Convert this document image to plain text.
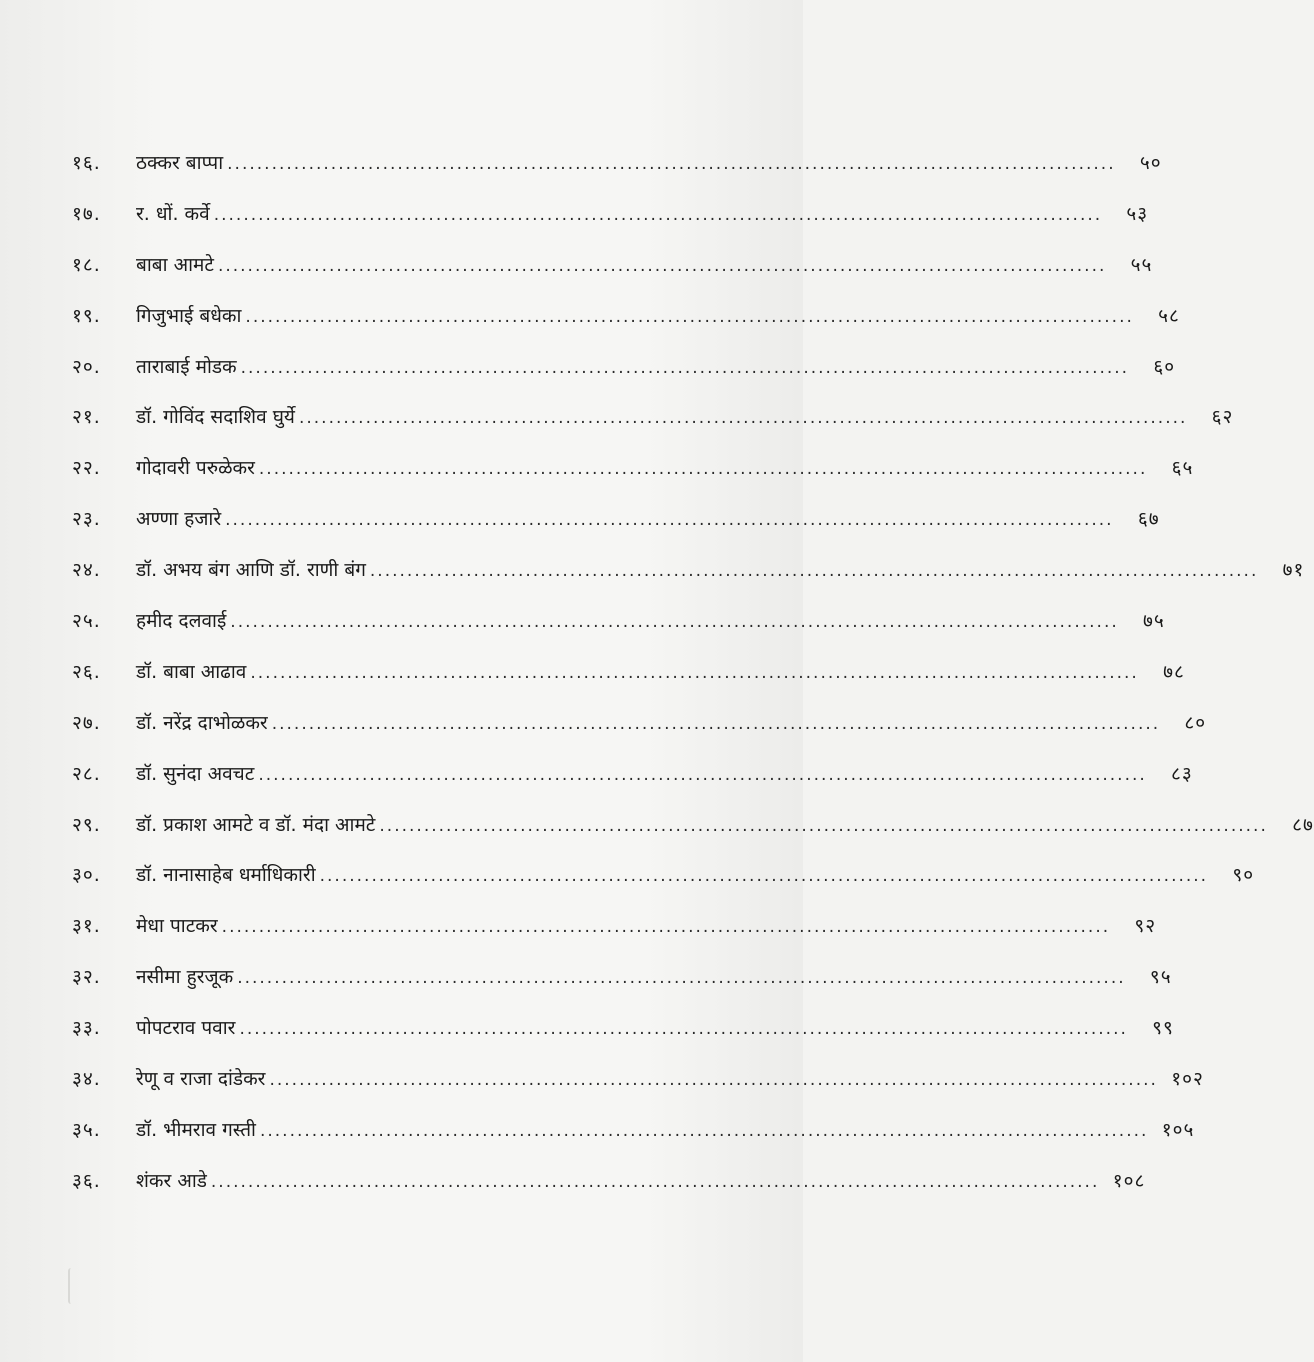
१६.	ठक्कर बाप्पा ........................................................................................................................	५०
१७.	र. धों. कर्वे ........................................................................................................................	५३
१८.	बाबा आमटे ........................................................................................................................	५५
१९.	गिजुभाई बधेका ........................................................................................................................	५८
२०.	ताराबाई मोडक ........................................................................................................................	६०
२१.	डॉ. गोविंद सदाशिव घुर्ये ........................................................................................................................	६२
२२.	गोदावरी परुळेकर ........................................................................................................................	६५
२३.	अण्णा हजारे ........................................................................................................................	६७
२४.	डॉ. अभय बंग आणि डॉ. राणी बंग ........................................................................................................................	७१
२५.	हमीद दलवाई ........................................................................................................................	७५
२६.	डॉ. बाबा आढाव ........................................................................................................................	७८
२७.	डॉ. नरेंद्र दाभोळकर ........................................................................................................................	८०
२८.	डॉ. सुनंदा अवचट ........................................................................................................................	८३
२९.	डॉ. प्रकाश आमटे व डॉ. मंदा आमटे ........................................................................................................................	८७
३०.	डॉ. नानासाहेब धर्माधिकारी ........................................................................................................................	९०
३१.	मेधा पाटकर ........................................................................................................................	९२
३२.	नसीमा हुरजूक ........................................................................................................................	९५
३३.	पोपटराव पवार ........................................................................................................................	९९
३४.	रेणू व राजा दांडेकर ........................................................................................................................ १०२
३५.	डॉ. भीमराव गस्ती ........................................................................................................................ १०५
३६.	शंकर आडे ........................................................................................................................ १०८
